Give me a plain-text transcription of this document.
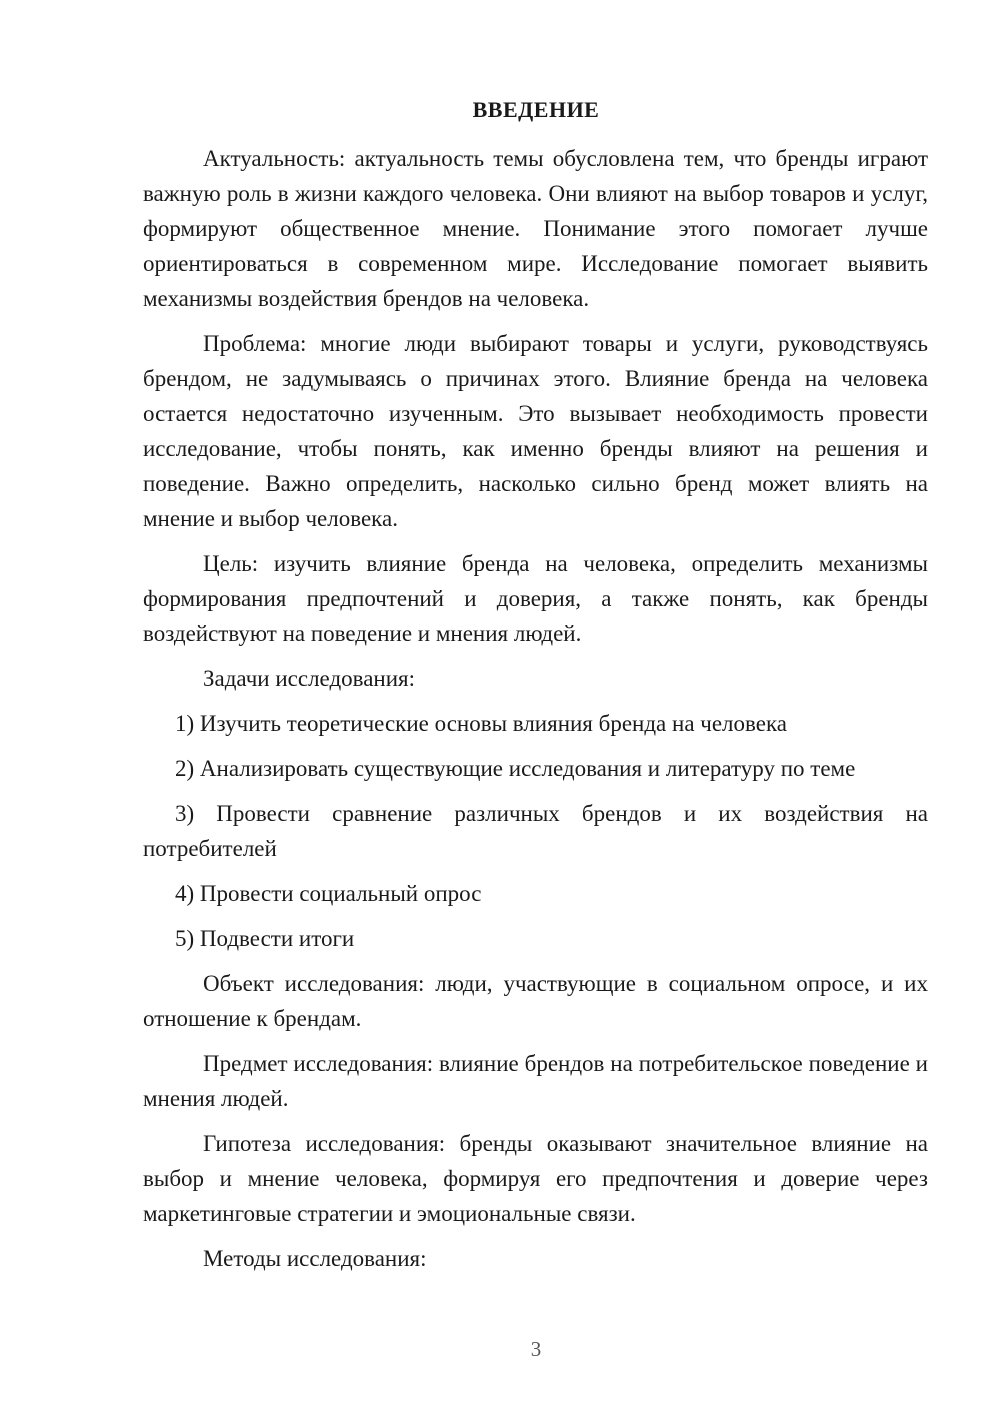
ВВЕДЕНИЕ

Актуальность: актуальность темы обусловлена тем, что бренды играют важную роль в жизни каждого человека. Они влияют на выбор товаров и услуг, формируют общественное мнение. Понимание этого помогает лучше ориентироваться в современном мире. Исследование помогает выявить механизмы воздействия брендов на человека.

Проблема: многие люди выбирают товары и услуги, руководствуясь брендом, не задумываясь о причинах этого. Влияние бренда на человека остается недостаточно изученным. Это вызывает необходимость провести исследование, чтобы понять, как именно бренды влияют на решения и поведение. Важно определить, насколько сильно бренд может влиять на мнение и выбор человека.

Цель: изучить влияние бренда на человека, определить механизмы формирования предпочтений и доверия, а также понять, как бренды воздействуют на поведение и мнения людей.

Задачи исследования:

1) Изучить теоретические основы влияния бренда на человека

2) Анализировать существующие исследования и литературу по теме

3) Провести сравнение различных брендов и их воздействия на потребителей

4) Провести социальный опрос

5) Подвести итоги

Объект исследования: люди, участвующие в социальном опросе, и их отношение к брендам.

Предмет исследования: влияние брендов на потребительское поведение и мнения людей.

Гипотеза исследования: бренды оказывают значительное влияние на выбор и мнение человека, формируя его предпочтения и доверие через маркетинговые стратегии и эмоциональные связи.

Методы исследования:

3
